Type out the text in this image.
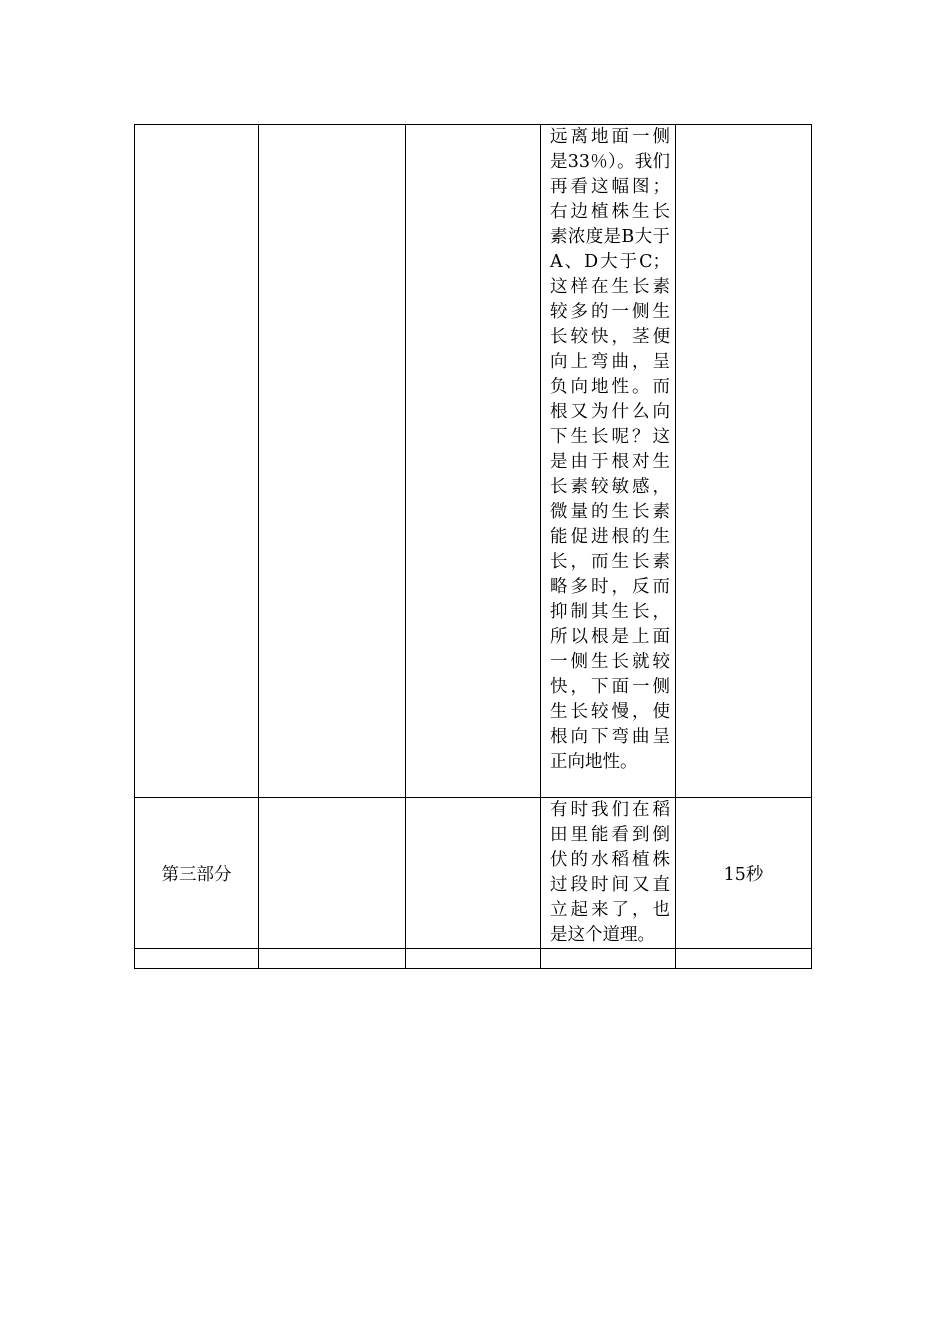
			远离地面一侧是33％）。我们再看这幅图；右边植株生长素浓度是B大于A、D大于C；这样在生长素较多的一侧生长较快，茎便向上弯曲，呈负向地性。而根又为什么向下生长呢？这是由于根对生长素较敏感，微量的生长素能促进根的生长，而生长素略多时，反而抑制其生长，所以根是上面一侧生长就较快，下面一侧生长较慢，使根向下弯曲呈正向地性。	

第三部分			有时我们在稻田里能看到倒伏的水稻植株过段时间又直立起来了，也是这个道理。	15秒
